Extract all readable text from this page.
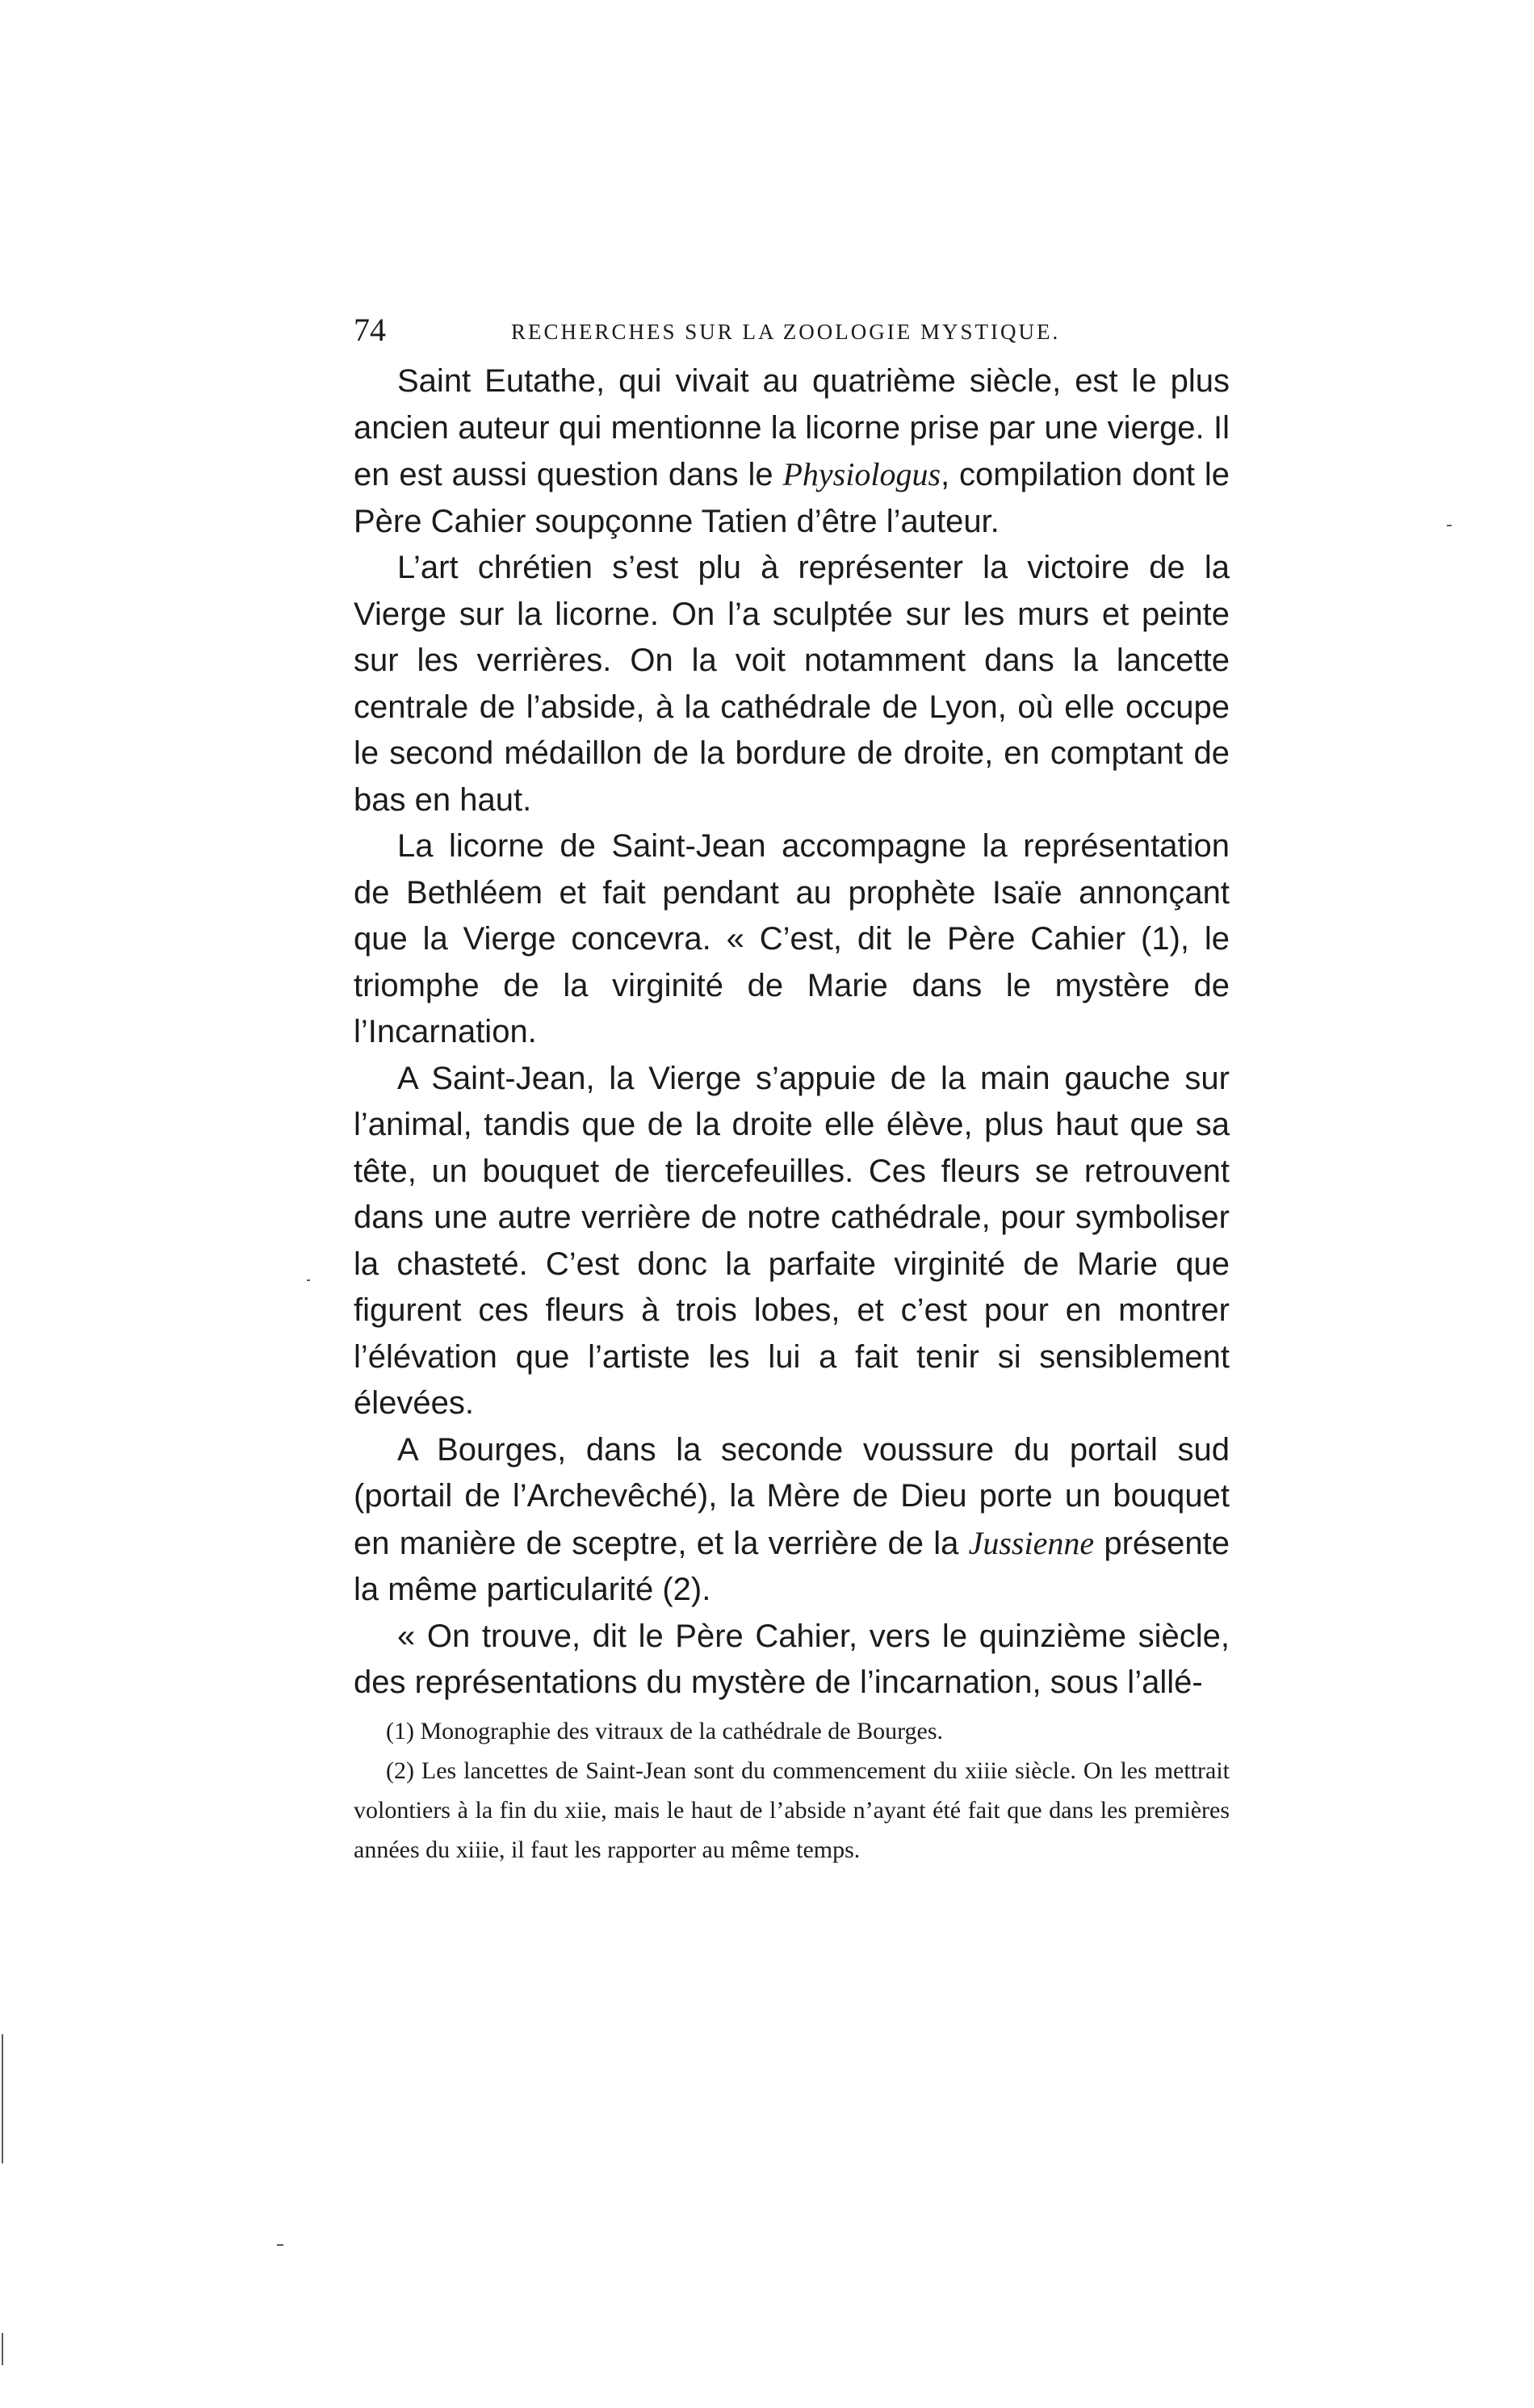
74	RECHERCHES SUR LA ZOOLOGIE MYSTIQUE.

Saint Eutathe, qui vivait au quatrième siècle, est le plus ancien auteur qui mentionne la licorne prise par une vierge. Il en est aussi question dans le Physiologus, compilation dont le Père Cahier soupçonne Tatien d’être l’auteur.

L’art chrétien s’est plu à représenter la victoire de la Vierge sur la licorne. On l’a sculptée sur les murs et peinte sur les verrières. On la voit notamment dans la lancette centrale de l’abside, à la cathédrale de Lyon, où elle occupe le second médaillon de la bordure de droite, en comptant de bas en haut.

La licorne de Saint-Jean accompagne la représentation de Bethléem et fait pendant au prophète Isaïe annonçant que la Vierge concevra. « C’est, dit le Père Cahier (1), le triomphe de la virginité de Marie dans le mystère de l’Incarnation.

A Saint-Jean, la Vierge s’appuie de la main gauche sur l’animal, tandis que de la droite elle élève, plus haut que sa tête, un bouquet de tiercefeuilles. Ces fleurs se retrouvent dans une autre verrière de notre cathédrale, pour symboliser la chasteté. C’est donc la parfaite virginité de Marie que figurent ces fleurs à trois lobes, et c’est pour en montrer l’élévation que l’artiste les lui a fait tenir si sensiblement élevées.

A Bourges, dans la seconde voussure du portail sud (portail de l’Archevêché), la Mère de Dieu porte un bouquet en manière de sceptre, et la verrière de la Jussienne présente la même particularité (2).

« On trouve, dit le Père Cahier, vers le quinzième siècle, des représentations du mystère de l’incarnation, sous l’allé-

(1) Monographie des vitraux de la cathédrale de Bourges.

(2) Les lancettes de Saint-Jean sont du commencement du xiiie siècle. On les mettrait volontiers à la fin du xiie, mais le haut de l’abside n’ayant été fait que dans les premières années du xiiie, il faut les rapporter au même temps.
